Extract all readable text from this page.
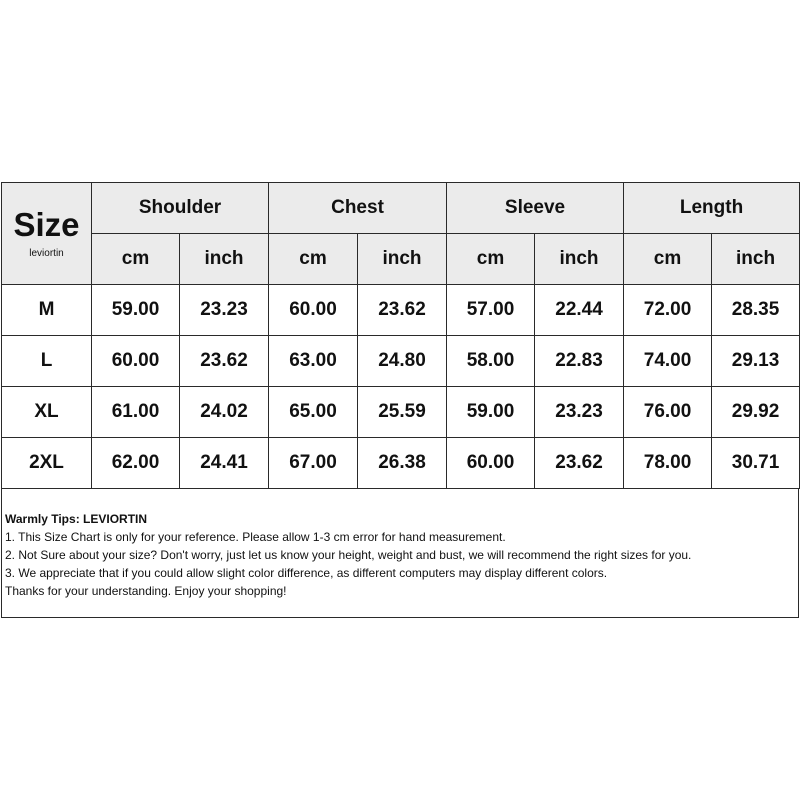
Size
leviortin	Shoulder		Chest		Sleeve		Length	
	cm	inch	cm	inch	cm	inch	cm	inch
M	59.00	23.23	60.00	23.62	57.00	22.44	72.00	28.35
L	60.00	23.62	63.00	24.80	58.00	22.83	74.00	29.13
XL	61.00	24.02	65.00	25.59	59.00	23.23	76.00	29.92
2XL	62.00	24.41	67.00	26.38	60.00	23.62	78.00	30.71
Warmly Tips: LEVIORTIN
1. This Size Chart is only for your reference. Please allow 1-3 cm error for hand measurement.
2. Not Sure about your size? Don't worry, just let us know your height, weight and bust, we will recommend the right sizes for you.
3. We appreciate that if you could allow slight color difference, as different computers may display different colors.
Thanks for your understanding. Enjoy your shopping!
